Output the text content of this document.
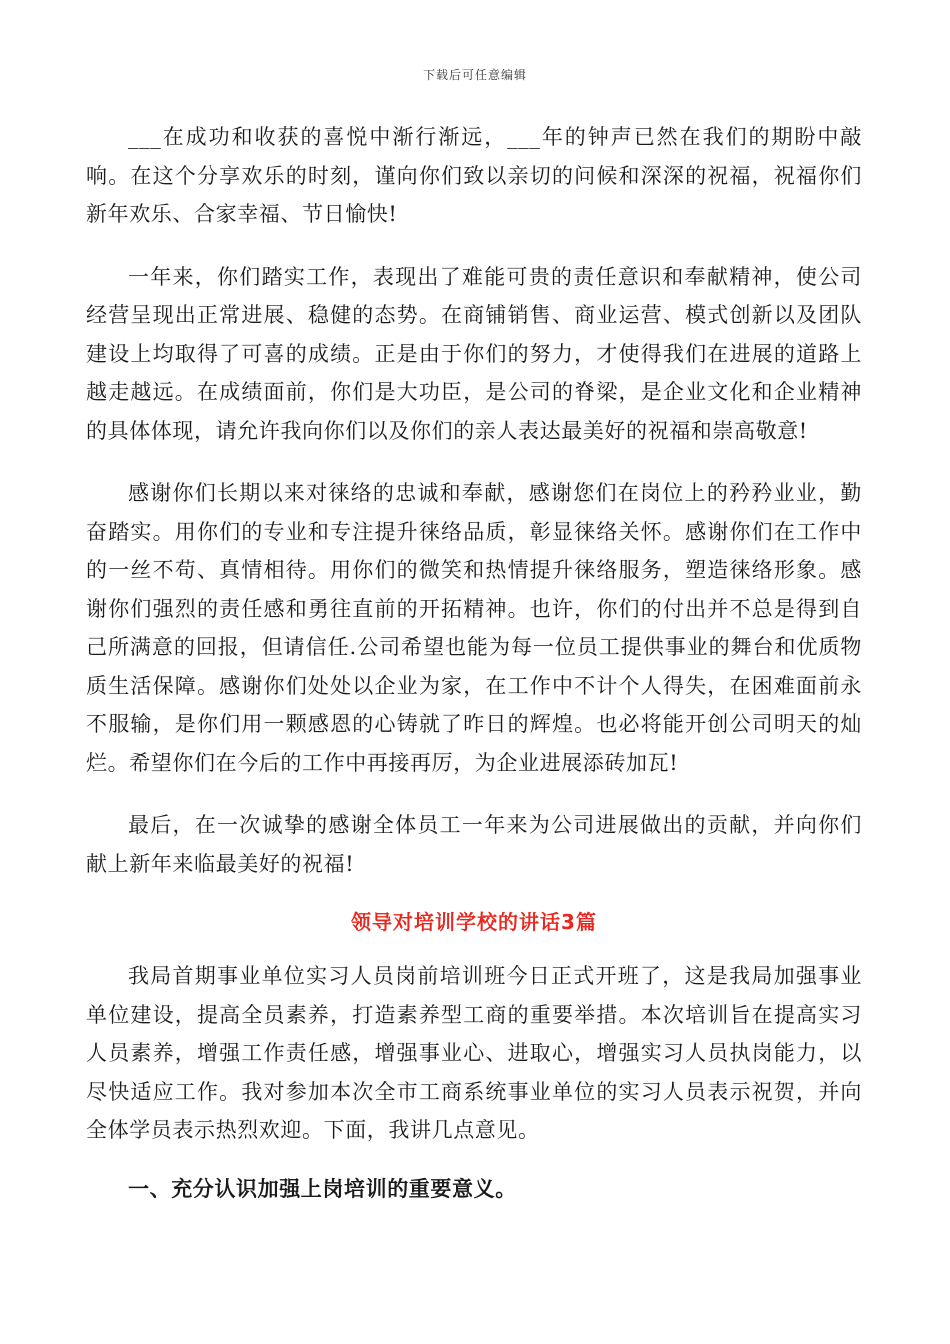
下载后可任意编辑

___在成功和收获的喜悦中渐行渐远，___年的钟声已然在我们的期盼中敲响。在这个分享欢乐的时刻，谨向你们致以亲切的问候和深深的祝福，祝福你们新年欢乐、合家幸福、节日愉快!

一年来，你们踏实工作，表现出了难能可贵的责任意识和奉献精神，使公司经营呈现出正常进展、稳健的态势。在商铺销售、商业运营、模式创新以及团队建设上均取得了可喜的成绩。正是由于你们的努力，才使得我们在进展的道路上越走越远。在成绩面前，你们是大功臣，是公司的脊梁，是企业文化和企业精神的具体体现，请允许我向你们以及你们的亲人表达最美好的祝福和崇高敬意!

感谢你们长期以来对徕络的忠诚和奉献，感谢您们在岗位上的矜矜业业，勤奋踏实。用你们的专业和专注提升徕络品质，彰显徕络关怀。感谢你们在工作中的一丝不苟、真情相待。用你们的微笑和热情提升徕络服务，塑造徕络形象。感谢你们强烈的责任感和勇往直前的开拓精神。也许，你们的付出并不总是得到自己所满意的回报，但请信任.公司希望也能为每一位员工提供事业的舞台和优质物质生活保障。感谢你们处处以企业为家，在工作中不计个人得失，在困难面前永不服输，是你们用一颗感恩的心铸就了昨日的辉煌。也必将能开创公司明天的灿烂。希望你们在今后的工作中再接再厉，为企业进展添砖加瓦!

最后，在一次诚挚的感谢全体员工一年来为公司进展做出的贡献，并向你们献上新年来临最美好的祝福!

领导对培训学校的讲话3篇

我局首期事业单位实习人员岗前培训班今日正式开班了，这是我局加强事业单位建设，提高全员素养，打造素养型工商的重要举措。本次培训旨在提高实习人员素养，增强工作责任感，增强事业心、进取心，增强实习人员执岗能力，以尽快适应工作。我对参加本次全市工商系统事业单位的实习人员表示祝贺，并向全体学员表示热烈欢迎。下面，我讲几点意见。

一、充分认识加强上岗培训的重要意义。
